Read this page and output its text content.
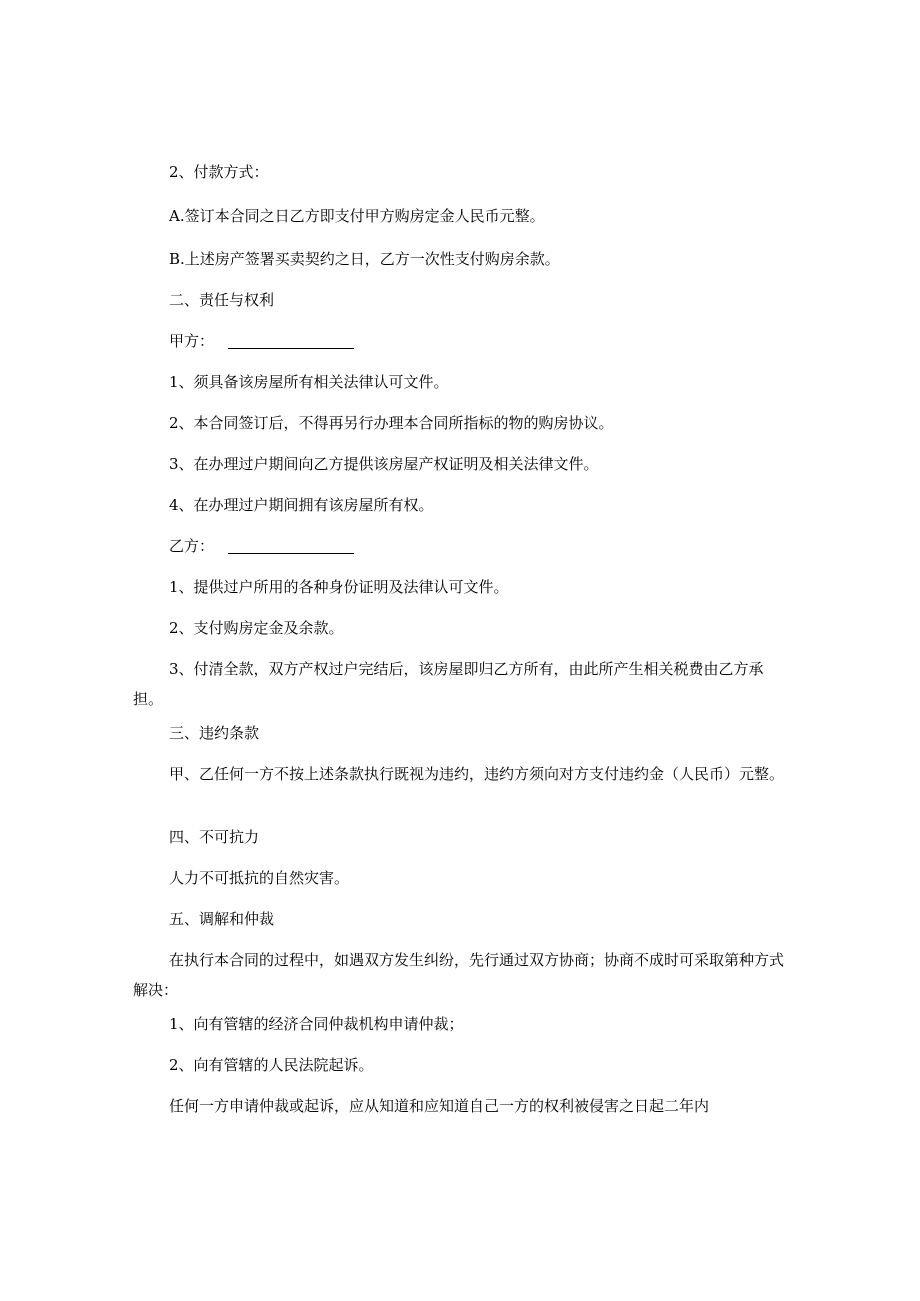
2、付款方式：

A.签订本合同之日乙方即支付甲方购房定金人民币元整。

B.上述房产签署买卖契约之日，乙方一次性支付购房余款。

二、责任与权利

甲方：

1、须具备该房屋所有相关法律认可文件。

2、本合同签订后，不得再另行办理本合同所指标的物的购房协议。

3、在办理过户期间向乙方提供该房屋产权证明及相关法律文件。

4、在办理过户期间拥有该房屋所有权。

乙方：

1、提供过户所用的各种身份证明及法律认可文件。

2、支付购房定金及余款。

3、付清全款，双方产权过户完结后，该房屋即归乙方所有，由此所产生相关税费由乙方承担。

三、违约条款

甲、乙任何一方不按上述条款执行既视为违约，违约方须向对方支付违约金（人民币）元整。

四、不可抗力

人力不可抵抗的自然灾害。

五、调解和仲裁

在执行本合同的过程中，如遇双方发生纠纷，先行通过双方协商；协商不成时可采取第种方式解决：

1、向有管辖的经济合同仲裁机构申请仲裁；

2、向有管辖的人民法院起诉。

任何一方申请仲裁或起诉，应从知道和应知道自己一方的权利被侵害之日起二年内
